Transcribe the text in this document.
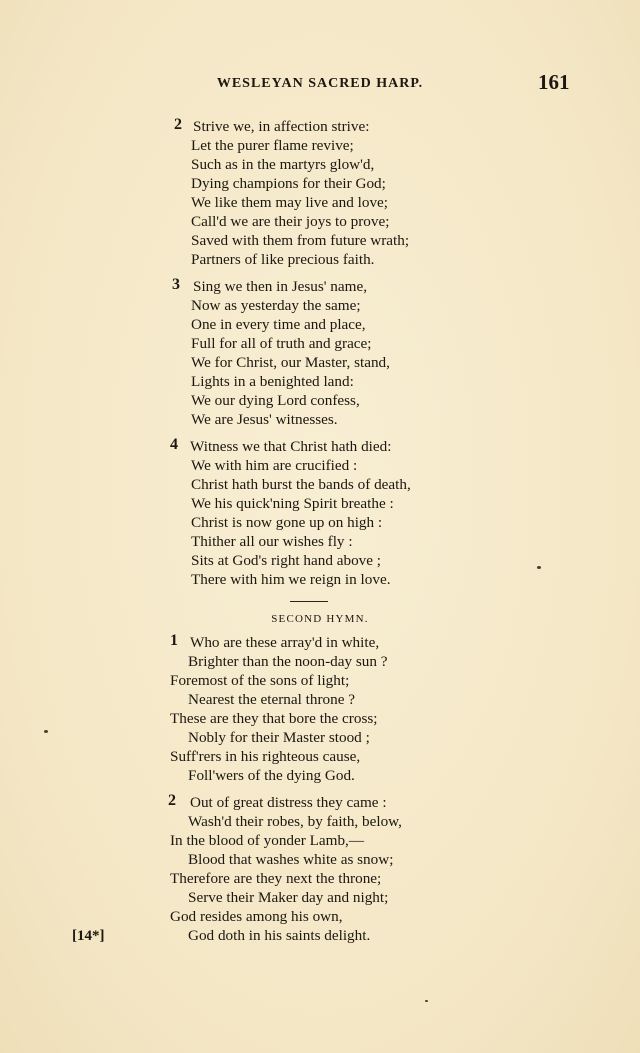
WESLEYAN SACRED HARP.	161
2 Strive we, in affection strive:
Let the purer flame revive;
Such as in the martyrs glow'd,
Dying champions for their God;
We like them may live and love;
Call'd we are their joys to prove;
Saved with them from future wrath;
Partners of like precious faith.
3 Sing we then in Jesus' name,
Now as yesterday the same;
One in every time and place,
Full for all of truth and grace;
We for Christ, our Master, stand,
Lights in a benighted land:
We our dying Lord confess,
We are Jesus' witnesses.
4 Witness we that Christ hath died:
We with him are crucified :
Christ hath burst the bands of death,
We his quick'ning Spirit breathe :
Christ is now gone up on high :
Thither all our wishes fly :
Sits at God's right hand above ;
There with him we reign in love.
SECOND HYMN.
1 Who are these array'd in white,
Brighter than the noon-day sun ?
Foremost of the sons of light;
Nearest the eternal throne ?
These are they that bore the cross;
Nobly for their Master stood ;
Suff'rers in his righteous cause,
Foll'wers of the dying God.
2 Out of great distress they came :
Wash'd their robes, by faith, below,
In the blood of yonder Lamb,—
Blood that washes white as snow;
Therefore are they next the throne;
Serve their Maker day and night;
God resides among his own,
God doth in his saints delight.
[14*]
